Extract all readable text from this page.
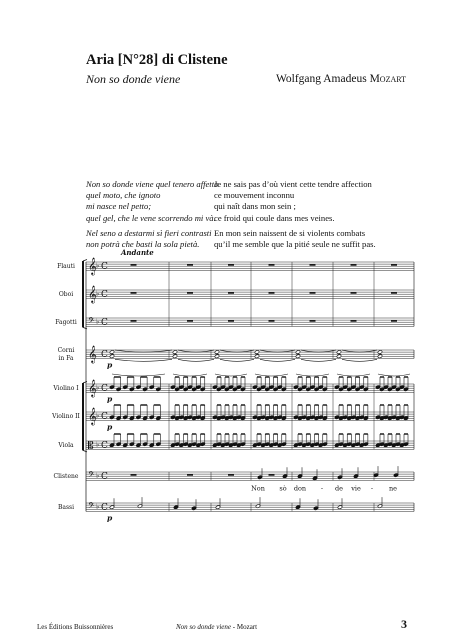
Aria [N°28] di Clistene
Non so donde viene	Wolfgang Amadeus Mozart
Non so donde viene quel tenero affetto
quel moto, che ignoto
mi nasce nel petto;
quel gel, che le vene scorrendo mi và.
Nel seno a destarmi sì fieri contrasti
non potrà che basti la sola pietà.
Je ne sais pas d’où vient cette tendre affection
ce mouvement inconnu
qui naît dans mon sein ;
ce froid qui coule dans mes veines.
En mon sein naissent de si violents combats
qu’il me semble que la pitié seule ne suffit pas.
Flauti 𝄞 ♭ C
Oboi 𝄞 ♭ C
Fagotti 𝄢 ♭ C
Corni
in Fa 𝄞 C
Violino I 𝄞 ♭ C
Violino II 𝄞 ♭ C
Viola 𝄡 ♭ C
Clistene 𝄢 ♭ C
Bassi 𝄢 ♭ C
Andante
p
p
p
p
Non sò don - de vie - ne
Les Éditions Buissonnières	Non so donde viene - Mozart	3
